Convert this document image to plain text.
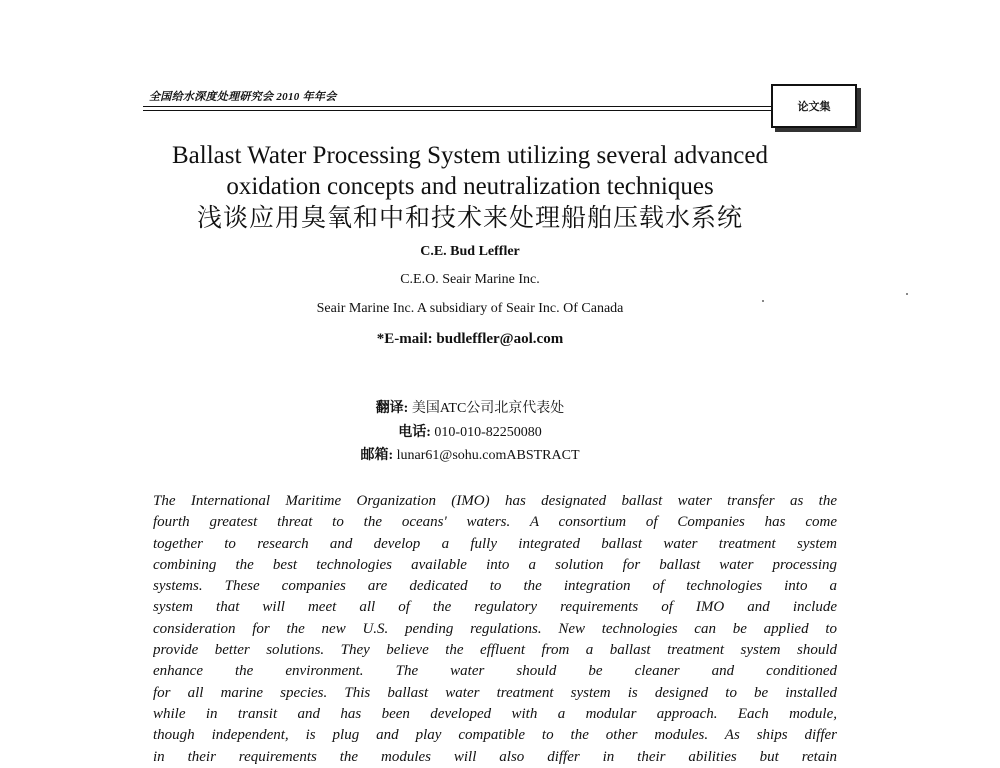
全国给水深度处理研究会 2010 年年会
论文集
Ballast Water Processing System utilizing several advanced
oxidation concepts and neutralization techniques
浅谈应用臭氧和中和技术来处理船舶压载水系统
C.E. Bud Leffler
C.E.O. Seair Marine Inc.
Seair Marine Inc. A subsidiary of Seair Inc. Of Canada
*E-mail: budleffler@aol.com
翻译: 美国ATC公司北京代表处
电话: 010-010-82250080
邮箱: lunar61@sohu.comABSTRACT
The International Maritime Organization (IMO) has designated ballast water transfer as the
fourth greatest threat to the oceans' waters. A consortium of Companies has come
together to research and develop a fully integrated ballast water treatment system
combining the best technologies available into a solution for ballast water processing
systems. These companies are dedicated to the integration of technologies into a
system that will meet all of the regulatory requirements of IMO and include
consideration for the new U.S. pending regulations. New technologies can be applied to
provide better solutions. They believe the effluent from a ballast treatment system should
enhance the environment. The water should be cleaner and conditioned
for all marine species. This ballast water treatment system is designed to be installed
while in transit and has been developed with a modular approach. Each module,
though independent, is plug and play compatible to the other modules. As ships differ
in their requirements the modules will also differ in their abilities but retain
